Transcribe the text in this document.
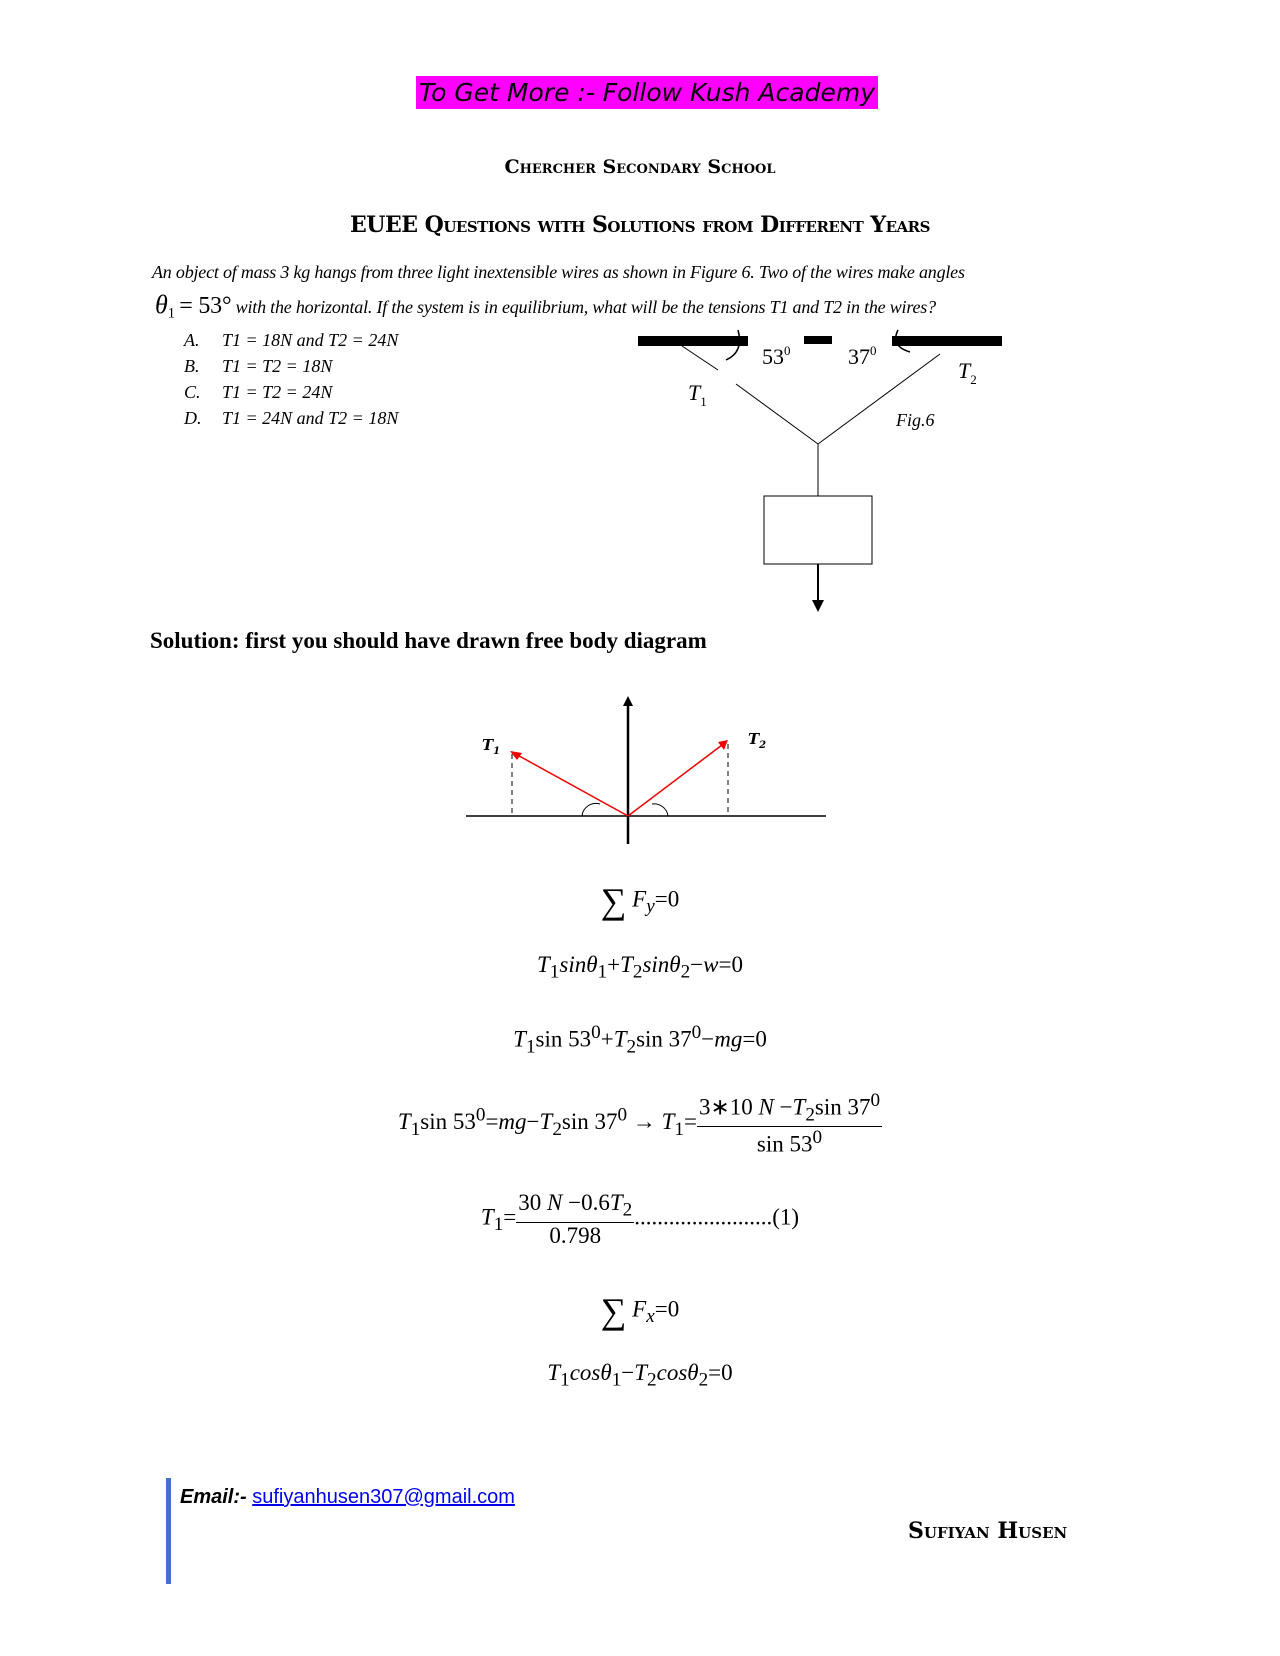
To Get More :- Follow Kush Academy
Chercher Secondary School
EUEE Questions with Solutions from Different Years
An object of mass 3 kg hangs from three light inextensible wires as shown in Figure 6. Two of the wires make angles
$\theta_1 = 53^\circ$ with the horizontal. If the system is in equilibrium, what will be the tensions T1 and T2 in the wires?
A. T1 = 18N and T2 = 24N
B. T1 = T2 = 18N
C. T1 = T2 = 24N
D. T1 = 24N and T2 = 18N
$53^0$	$37^0$
$T_1$
$T_2$
Fig.6
Solution: first you should have drawn free body diagram
$T_1$
$T_2$
∑ $F_y=0$
$T_1\sin\theta_1+T_2\sin\theta_2-w=0$
$T_1\sin$ $53^0+T_2\sin$ $37^0-mg=0$
$T_1\sin$ $53^0=mg-T_2\sin$ $37^0 \to T_1= \frac{3∗10 N -T_2\sin 37^0}{\sin 53^0}$
$T_1= \frac{30 N -0.6T_2}{0.798} ........................(1)$
∑ $F_x=0$
$T_1\cos\theta_1-T_2\cos\theta_2=0$
Email:- sufiyanhusen307@gmail.com
Sufiyan Husen
